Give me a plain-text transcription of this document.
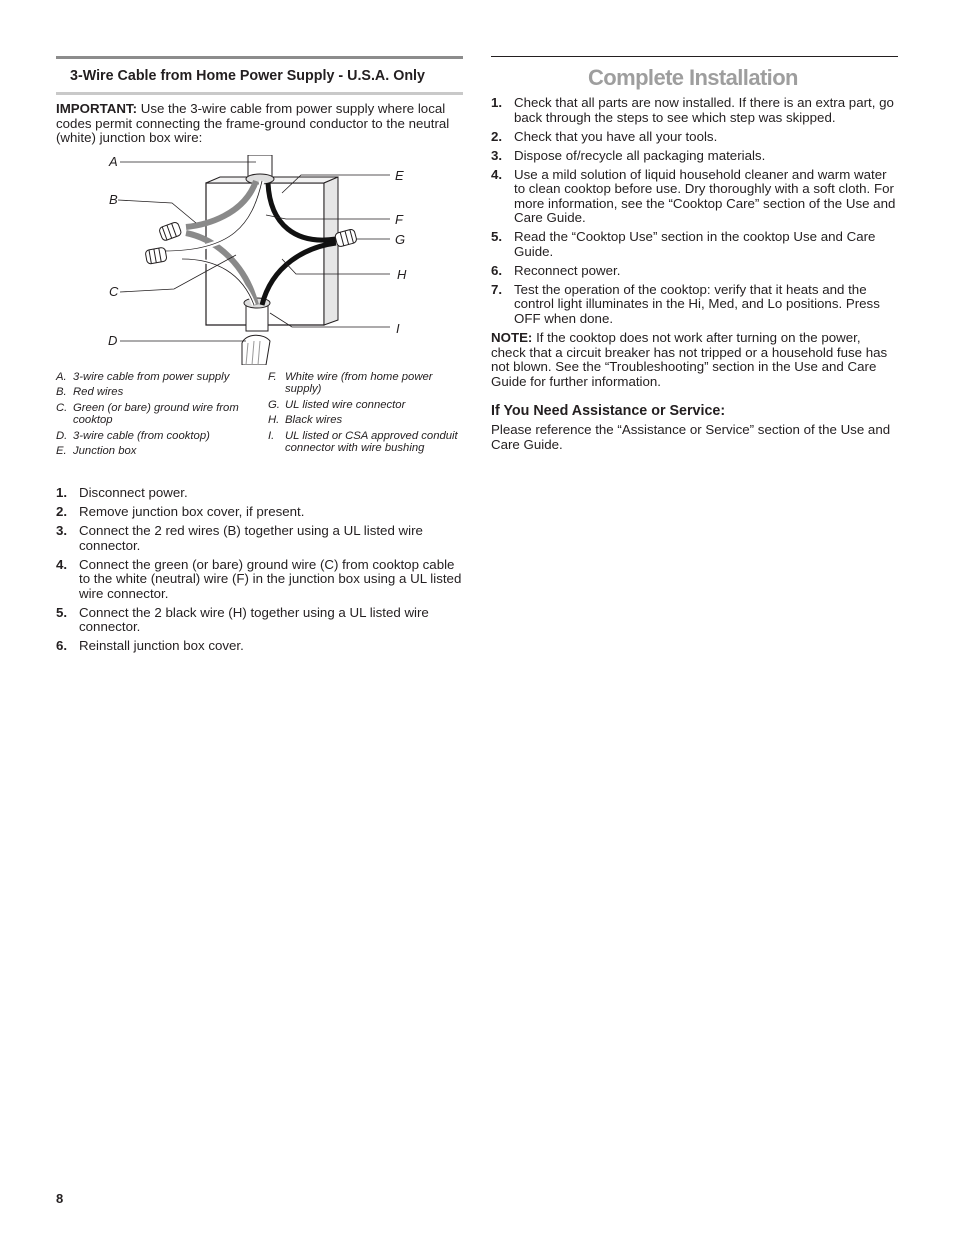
3-Wire Cable from Home Power Supply - U.S.A. Only

IMPORTANT: Use the 3-wire cable from power supply where local codes permit connecting the frame-ground conductor to the neutral (white) junction box wire:

A
B
C
D
E
F
G
H
I
A. 3-wire cable from power supply
B. Red wires
C. Green (or bare) ground wire from cooktop
D. 3-wire cable (from cooktop)
E. Junction box
F. White wire (from home power supply)
G. UL listed wire connector
H. Black wires
I. UL listed or CSA approved conduit connector with wire bushing
1. Disconnect power.
2. Remove junction box cover, if present.
3. Connect the 2 red wires (B) together using a UL listed wire connector.
4. Connect the green (or bare) ground wire (C) from cooktop cable to the white (neutral) wire (F) in the junction box using a UL listed wire connector.
5. Connect the 2 black wire (H) together using a UL listed wire connector.
6. Reinstall junction box cover.
Complete Installation
1. Check that all parts are now installed. If there is an extra part, go back through the steps to see which step was skipped.
2. Check that you have all your tools.
3. Dispose of/recycle all packaging materials.
4. Use a mild solution of liquid household cleaner and warm water to clean cooktop before use. Dry thoroughly with a soft cloth. For more information, see the “Cooktop Care” section of the Use and Care Guide.
5. Read the “Cooktop Use” section in the cooktop Use and Care Guide.
6. Reconnect power.
7. Test the operation of the cooktop: verify that it heats and the control light illuminates in the Hi, Med, and Lo positions. Press OFF when done.

NOTE: If the cooktop does not work after turning on the power, check that a circuit breaker has not tripped or a household fuse has not blown. See the “Troubleshooting” section in the Use and Care Guide for further information.

If You Need Assistance or Service:

Please reference the “Assistance or Service” section of the Use and Care Guide.

8
